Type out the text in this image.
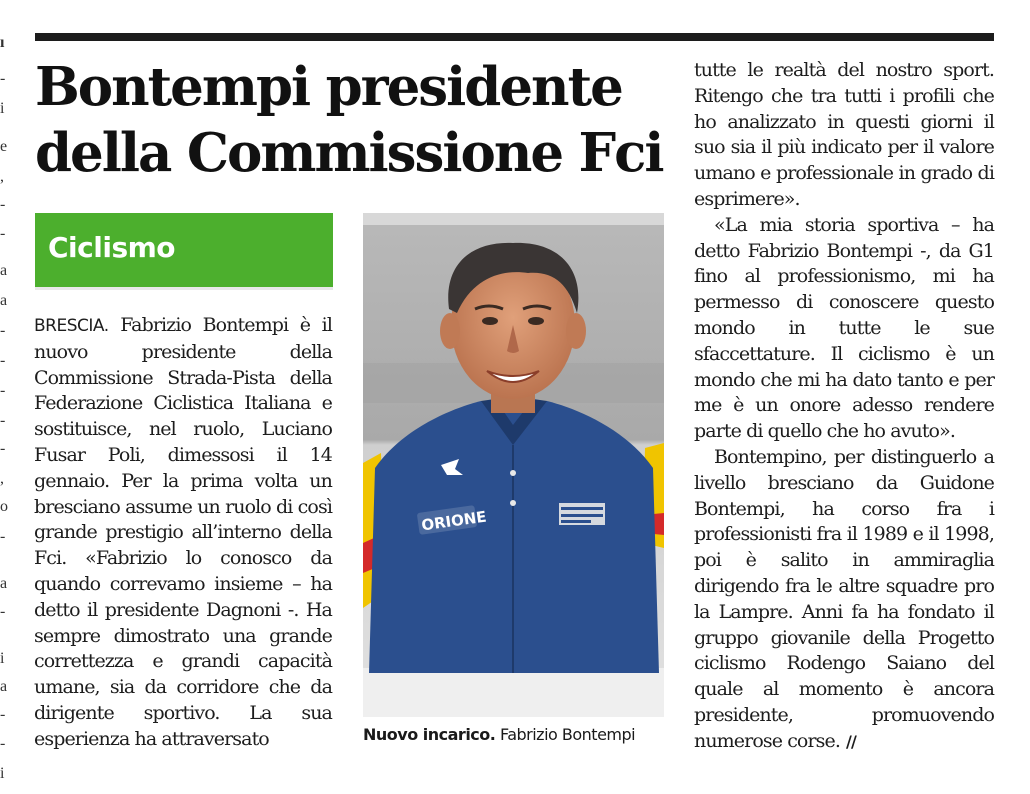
ı
-
i
e
,
-
-
a
a
-
-
-
-
-
,
o
-
a
-
i
a
-
-
i
Bontempi presidente
della Commissione Fci
Ciclismo

BRESCIA. Fabrizio Bontempi è il nuovo presidente della Commissione Strada-Pista della Federazione Ciclistica Italiana e sostituisce, nel ruolo, Luciano Fusar Poli, dimessosi il 14 gennaio. Per la prima volta un bresciano assume un ruolo di così grande prestigio all’interno della Fci. «Fabrizio lo conosco da quando correvamo insieme – ha detto il presidente Dagnoni -. Ha sempre dimostrato una grande correttezza e grandi capacità umane, sia da corridore che da dirigente sportivo. La sua esperienza ha attraversato

ORIONE
Nuovo incarico. Fabrizio Bontempi

tutte le realtà del nostro sport. Ritengo che tra tutti i profili che ho analizzato in questi giorni il suo sia il più indicato per il valore umano e professionale in grado di esprimere».

«La mia storia sportiva – ha detto Fabrizio Bontempi -, da G1 fino al professionismo, mi ha permesso di conoscere questo mondo in tutte le sue sfaccettature. Il ciclismo è un mondo che mi ha dato tanto e per me è un onore adesso rendere parte di quello che ho avuto».

Bontempino, per distinguerlo a livello bresciano da Guidone Bontempi, ha corso fra i professionisti fra il 1989 e il 1998, poi è salito in ammiraglia dirigendo fra le altre squadre pro la Lampre. Anni fa ha fondato il gruppo giovanile della Progetto ciclismo Rodengo Saiano del quale al momento è ancora presidente, promuovendo numerose corse. //
